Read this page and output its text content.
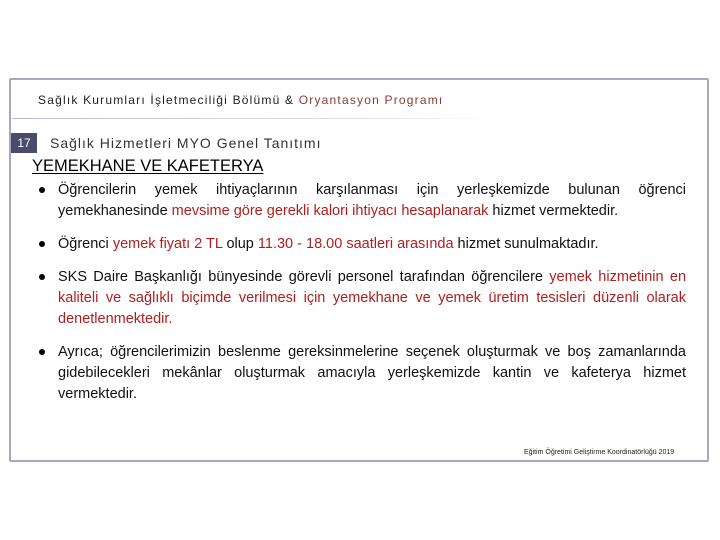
Sağlık Kurumları İşletmeciliği Bölümü & Oryantasyon Programı
17	Sağlık Hizmetleri MYO Genel Tanıtımı
YEMEKHANE VE KAFETERYA
Öğrencilerin yemek ihtiyaçlarının karşılanması için yerleşkemizde bulunan öğrenci yemekhanesinde mevsime göre gerekli kalori ihtiyacı hesaplanarak hizmet vermektedir.
Öğrenci yemek fiyatı 2 TL olup 11.30 - 18.00 saatleri arasında hizmet sunulmaktadır.
SKS Daire Başkanlığı bünyesinde görevli personel tarafından öğrencilere yemek hizmetinin en kaliteli ve sağlıklı biçimde verilmesi için yemekhane ve yemek üretim tesisleri düzenli olarak denetlenmektedir.
Ayrıca; öğrencilerimizin beslenme gereksinmelerine seçenek oluşturmak ve boş zamanlarında gidebilecekleri mekânlar oluşturmak amacıyla yerleşkemizde kantin ve kafeterya hizmet vermektedir.
Eğitim Öğretimi Geliştirme Koordinatörlüğü 2019
